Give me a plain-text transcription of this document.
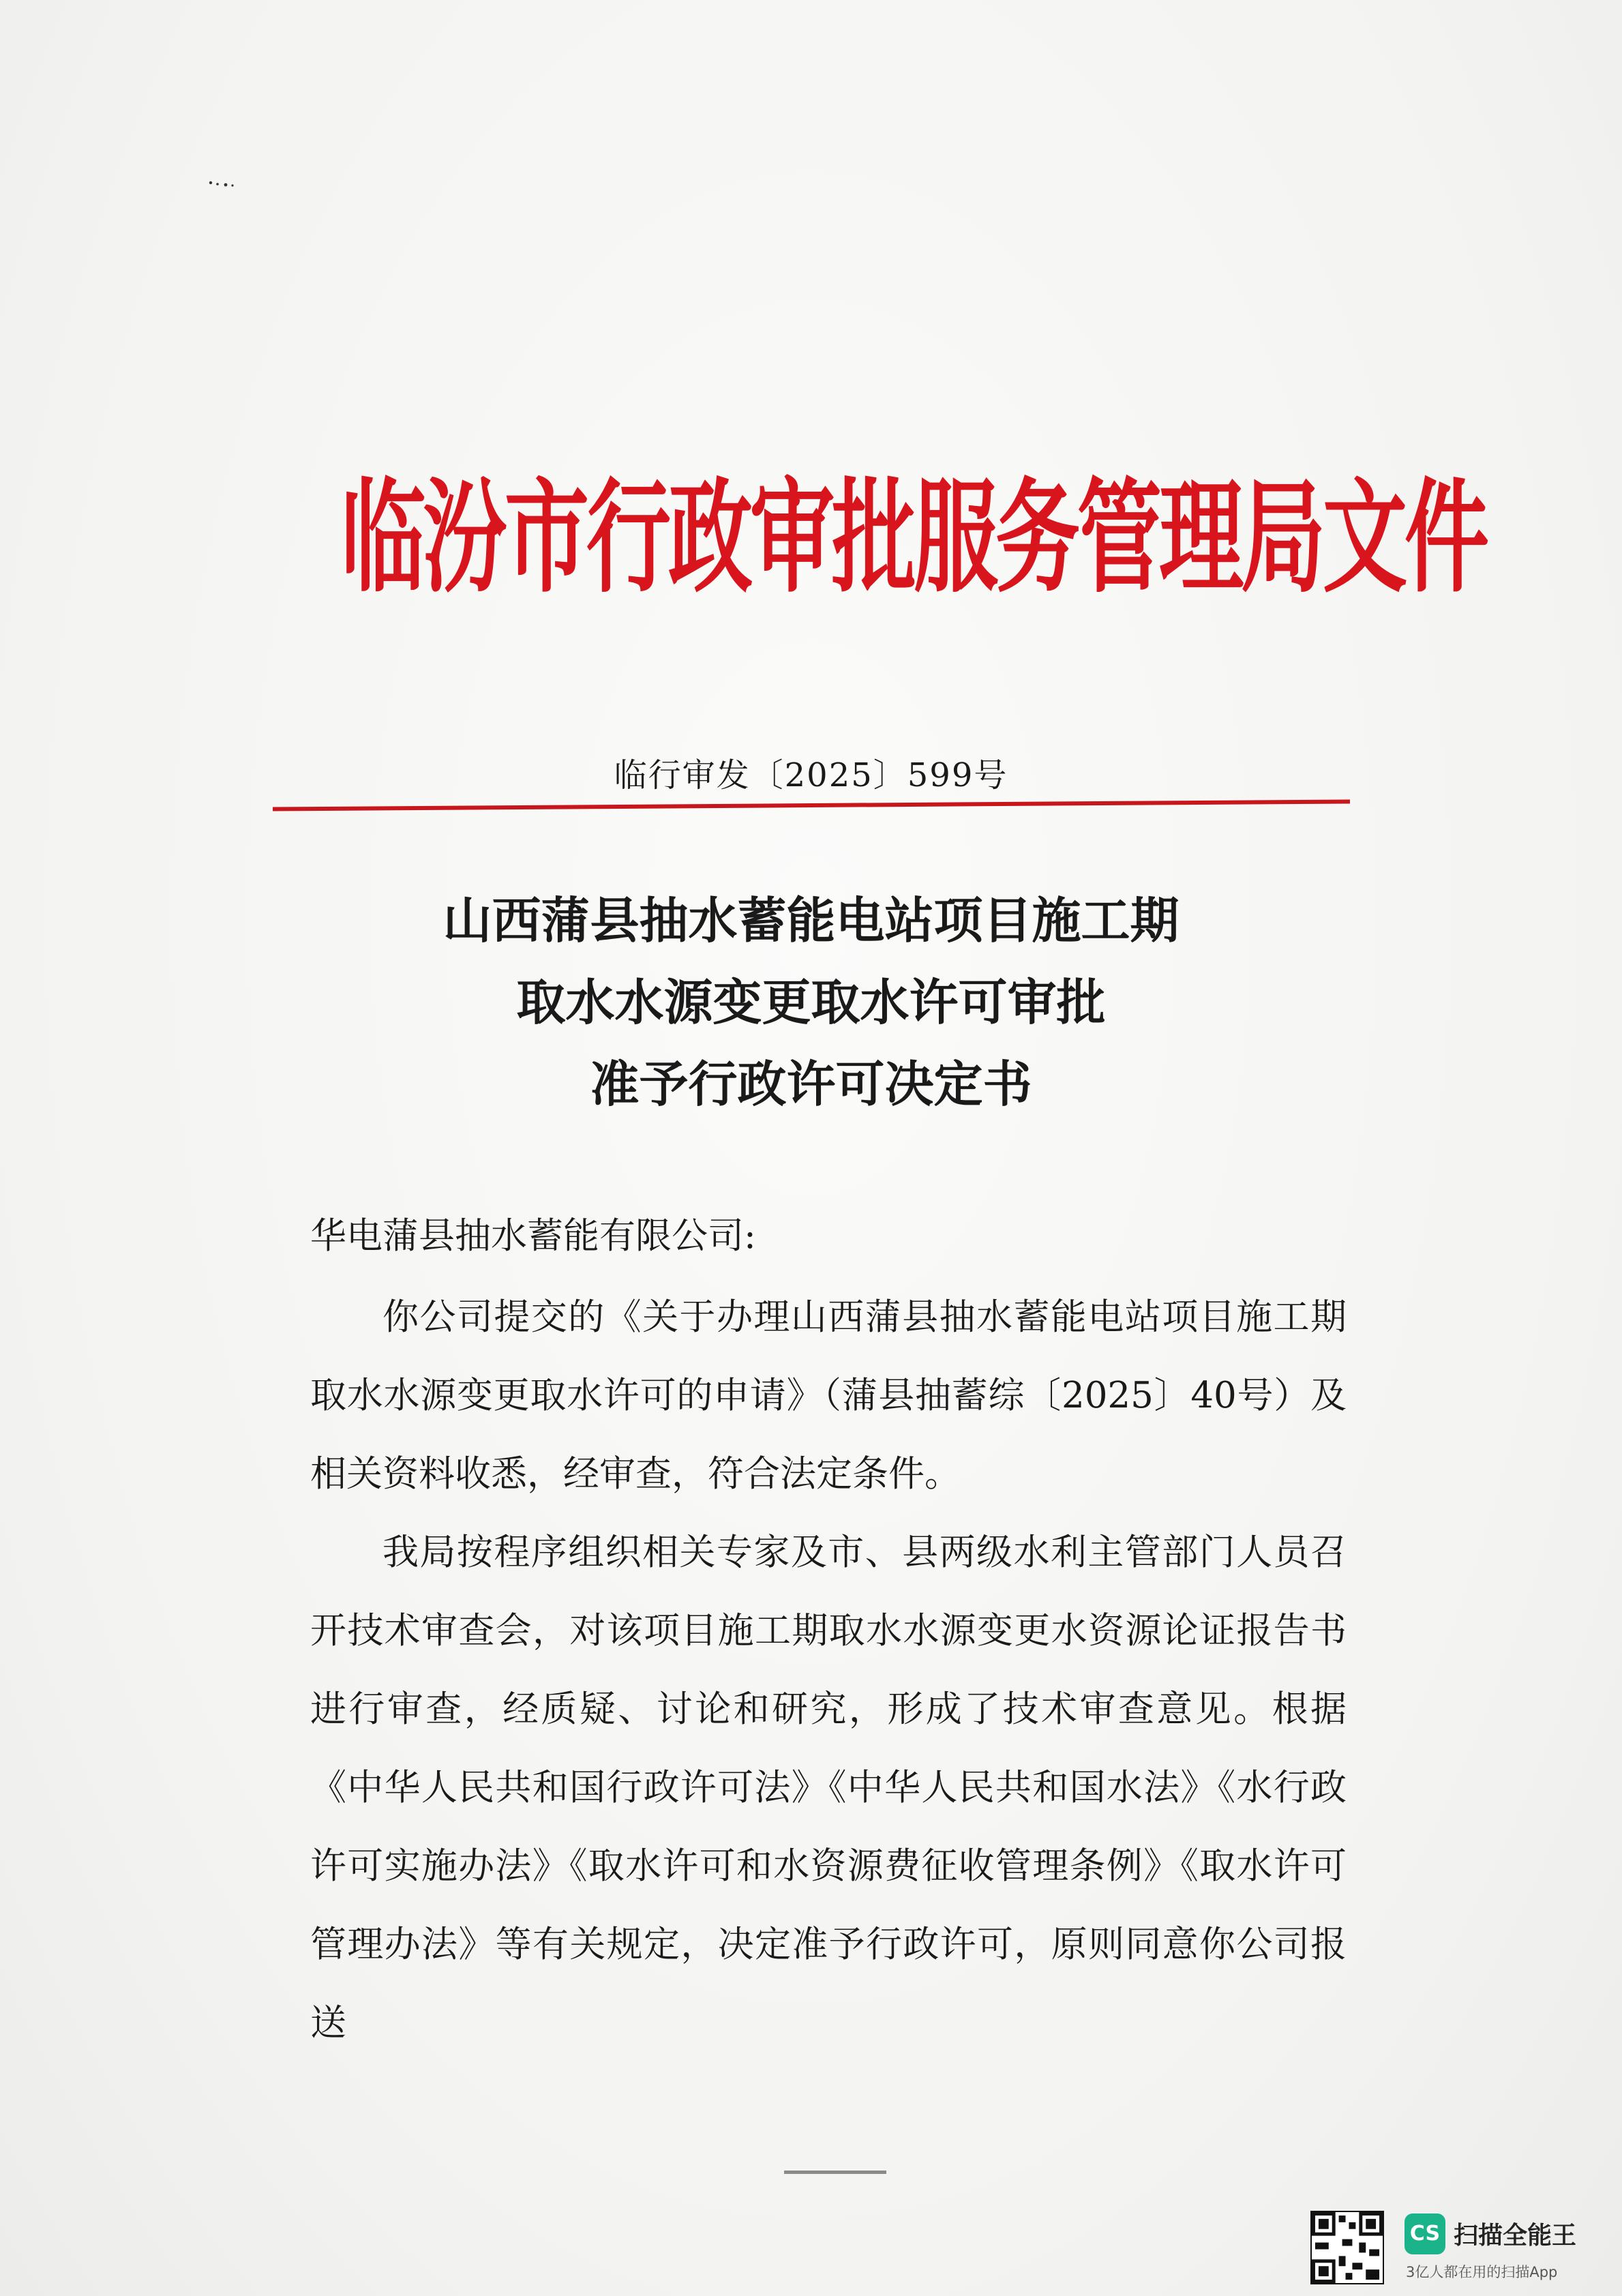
临汾市行政审批服务管理局文件
临行审发〔2025〕599号
山西蒲县抽水蓄能电站项目施工期
取水水源变更取水许可审批
准予行政许可决定书

华电蒲县抽水蓄能有限公司:

你公司提交的《关于办理山西蒲县抽水蓄能电站项目施工期取水水源变更取水许可的申请》（蒲县抽蓄综〔2025〕40号）及相关资料收悉，经审查，符合法定条件。

我局按程序组织相关专家及市、县两级水利主管部门人员召开技术审查会，对该项目施工期取水水源变更水资源论证报告书进行审查，经质疑、讨论和研究，形成了技术审查意见。根据《中华人民共和国行政许可法》《中华人民共和国水法》《水行政许可实施办法》《取水许可和水资源费征收管理条例》《取水许可管理办法》等有关规定，决定准予行政许可，原则同意你公司报送

CS 扫描全能王
3亿人都在用的扫描App
